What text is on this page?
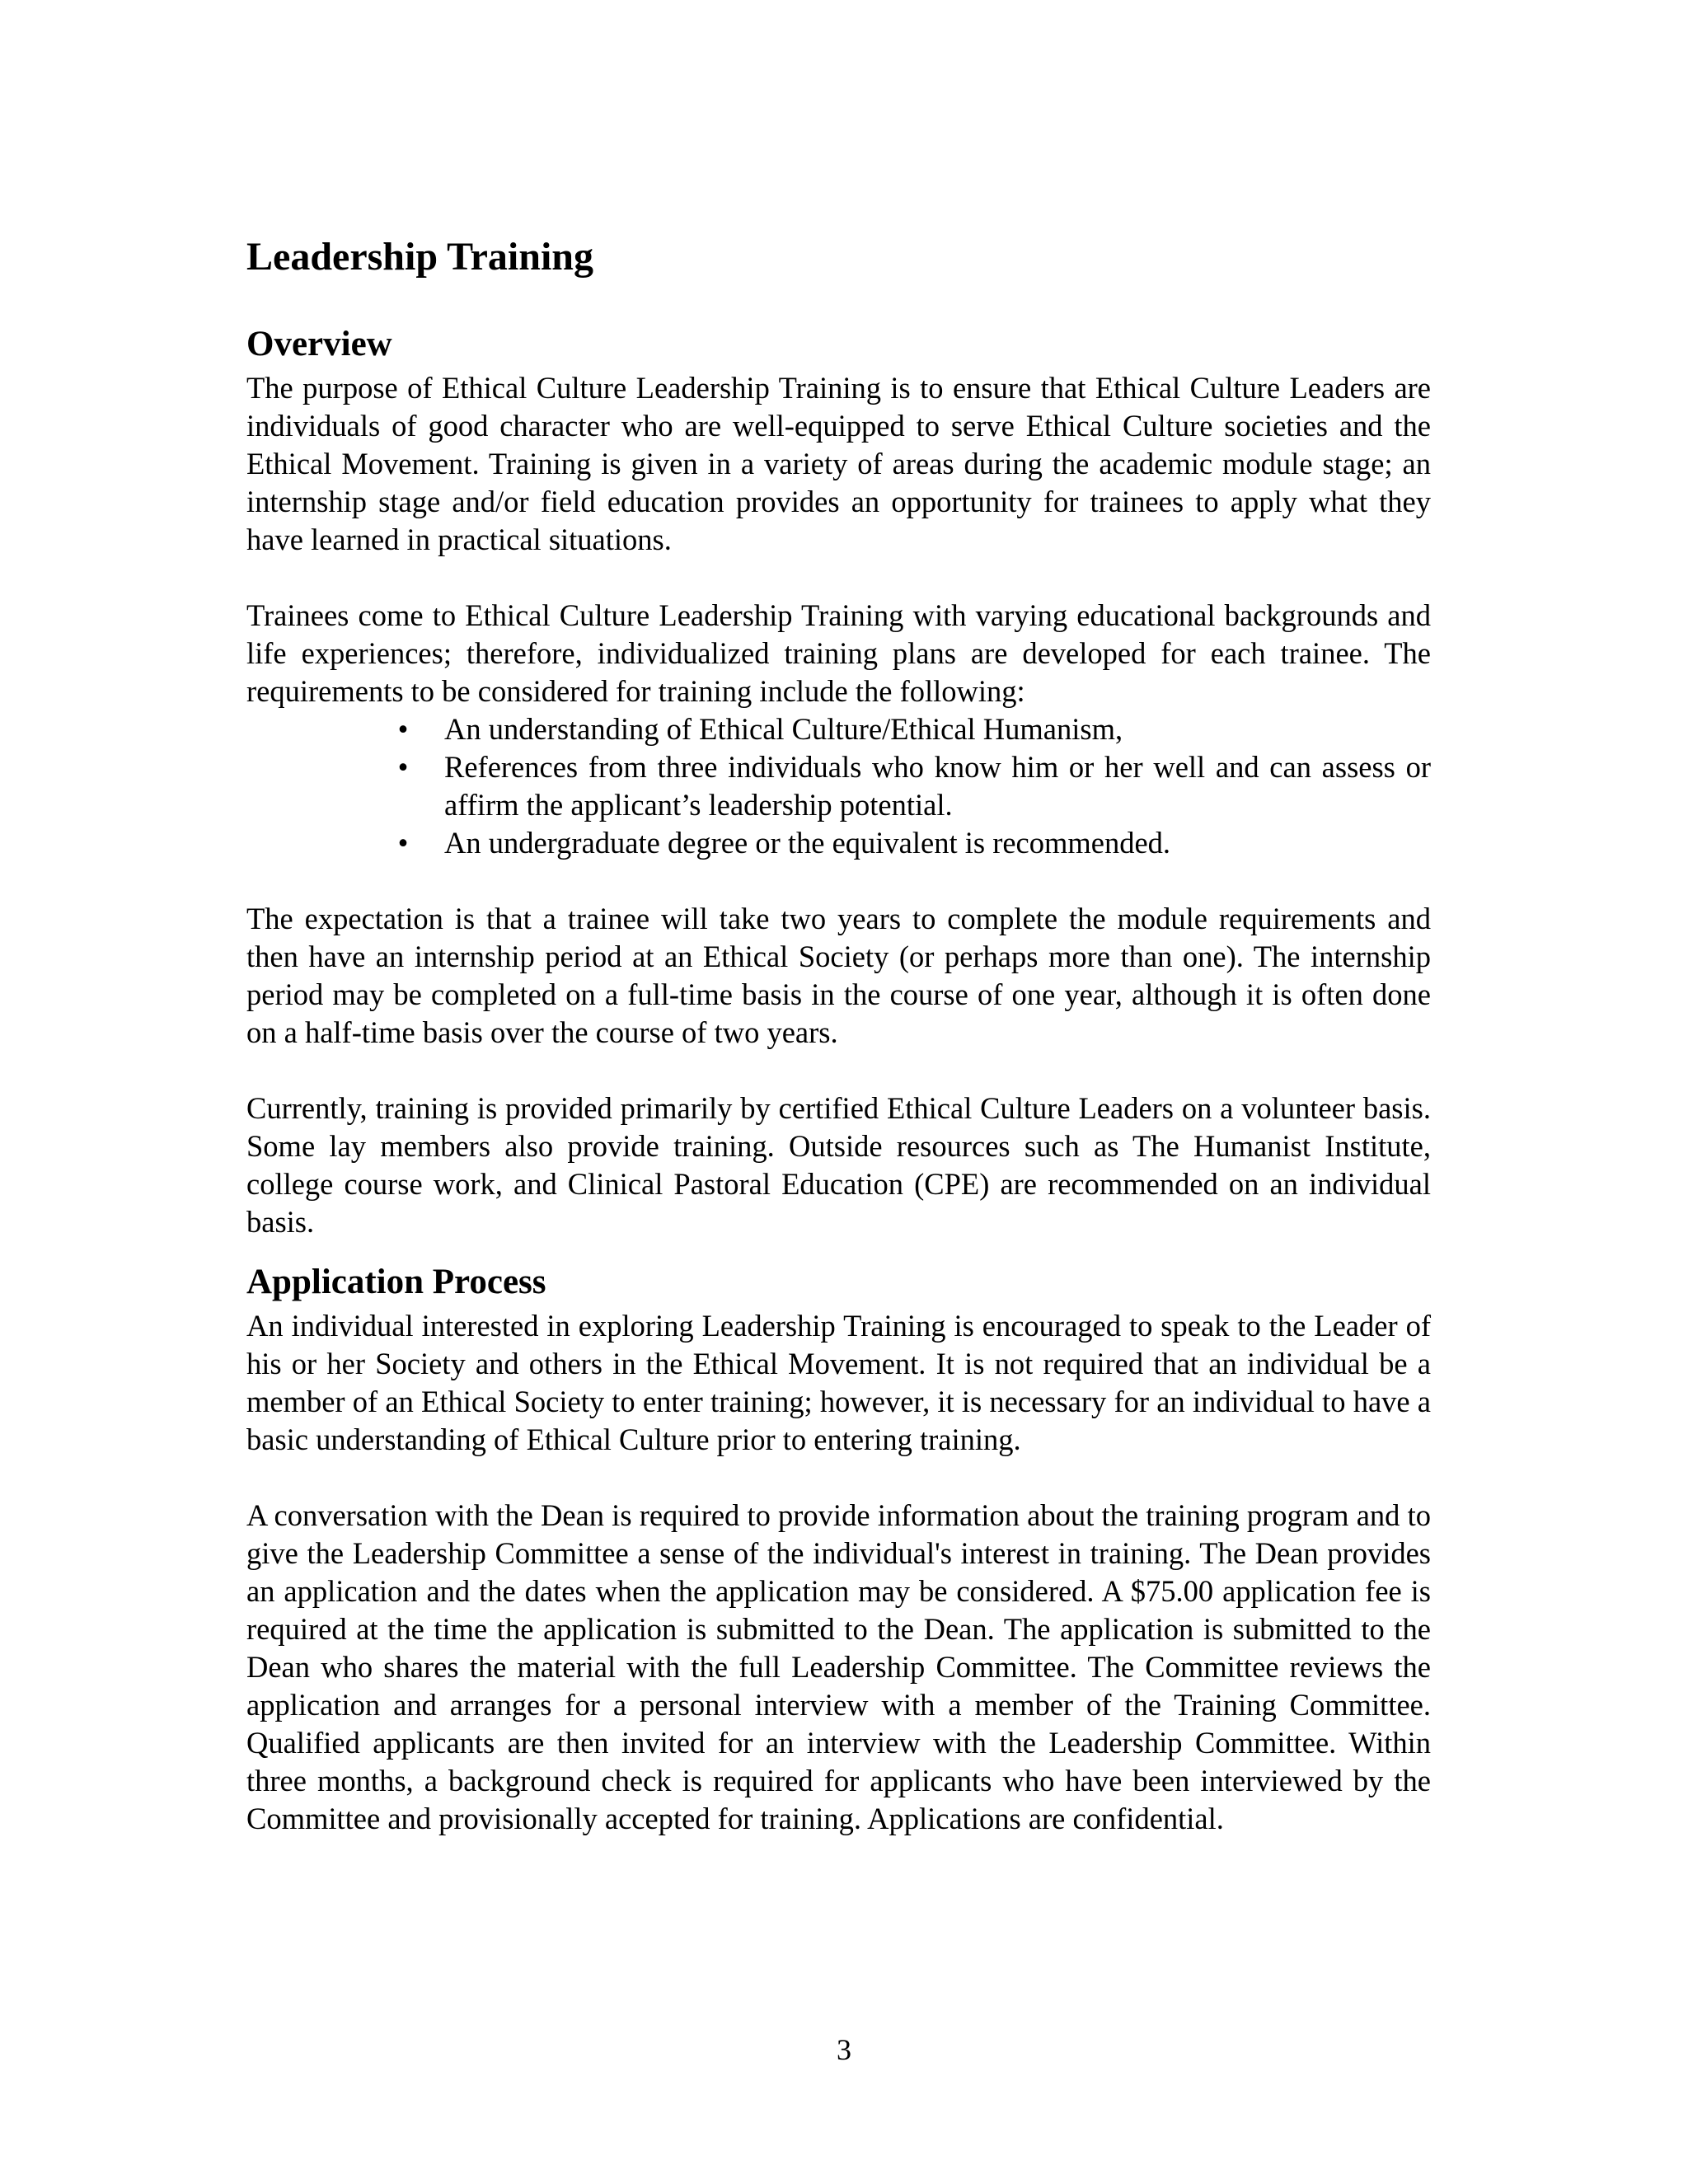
Leadership Training
Overview

The purpose of Ethical Culture Leadership Training is to ensure that Ethical Culture Leaders are individuals of good character who are well-equipped to serve Ethical Culture societies and the Ethical Movement. Training is given in a variety of areas during the academic module stage; an internship stage and/or field education provides an opportunity for trainees to apply what they have learned in practical situations.

Trainees come to Ethical Culture Leadership Training with varying educational backgrounds and life experiences; therefore, individualized training plans are developed for each trainee. The requirements to be considered for training include the following:

• An understanding of Ethical Culture/Ethical Humanism,
• References from three individuals who know him or her well and can assess or affirm the applicant’s leadership potential.
• An undergraduate degree or the equivalent is recommended.

The expectation is that a trainee will take two years to complete the module requirements and then have an internship period at an Ethical Society (or perhaps more than one). The internship period may be completed on a full-time basis in the course of one year, although it is often done on a half-time basis over the course of two years.

Currently, training is provided primarily by certified Ethical Culture Leaders on a volunteer basis. Some lay members also provide training. Outside resources such as The Humanist Institute, college course work, and Clinical Pastoral Education (CPE) are recommended on an individual basis.

Application Process

An individual interested in exploring Leadership Training is encouraged to speak to the Leader of his or her Society and others in the Ethical Movement. It is not required that an individual be a member of an Ethical Society to enter training; however, it is necessary for an individual to have a basic understanding of Ethical Culture prior to entering training.

A conversation with the Dean is required to provide information about the training program and to give the Leadership Committee a sense of the individual's interest in training. The Dean provides an application and the dates when the application may be considered. A $75.00 application fee is required at the time the application is submitted to the Dean. The application is submitted to the Dean who shares the material with the full Leadership Committee. The Committee reviews the application and arranges for a personal interview with a member of the Training Committee. Qualified applicants are then invited for an interview with the Leadership Committee. Within three months, a background check is required for applicants who have been interviewed by the Committee and provisionally accepted for training. Applications are confidential.

3
